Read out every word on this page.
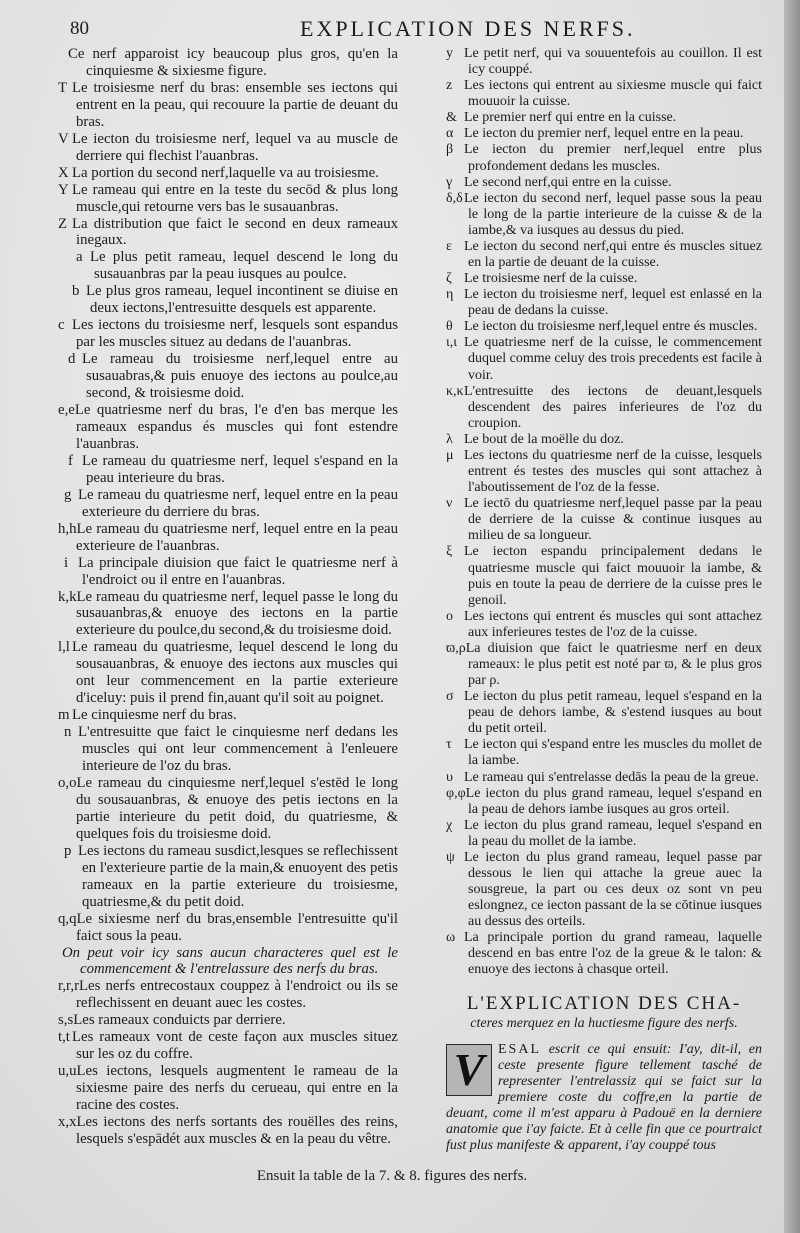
80	EXPLICATION DES NERFS.

Ce nerf apparoist icy beaucoup plus gros, qu'en la cinquiesme & sixiesme figure.

T Le troisiesme nerf du bras: ensemble ses iectons qui entrent en la peau, qui recouure la partie de deuant du bras.

V Le iecton du troisiesme nerf, lequel va au muscle de derriere qui flechist l'auanbras.

X La portion du second nerf,laquelle va au troisiesme.

Y Le rameau qui entre en la teste du secōd & plus long muscle,qui retourne vers bas le susauanbras.

Z La distribution que faict le second en deux rameaux inegaux.

a Le plus petit rameau, lequel descend le long du susauanbras par la peau iusques au poulce.

b Le plus gros rameau, lequel incontinent se diuise en deux iectons,l'entresuitte desquels est apparente.

c Les iectons du troisiesme nerf, lesquels sont espandus par les muscles situez au dedans de l'auanbras.

d Le rameau du troisiesme nerf,lequel entre au susauabras,& puis enuoye des iectons au poulce,au second, & troisiesme doid.

e,eLe quatriesme nerf du bras, l'e d'en bas merque les rameaux espandus és muscles qui font estendre l'auanbras.

f Le rameau du quatriesme nerf, lequel s'espand en la peau interieure du bras.

g Le rameau du quatriesme nerf, lequel entre en la peau exterieure du derriere du bras.

h,hLe rameau du quatriesme nerf, lequel entre en la peau exterieure de l'auanbras.

i La principale diuision que faict le quatriesme nerf à l'endroict ou il entre en l'auanbras.

k,kLe rameau du quatriesme nerf, lequel passe le long du susauanbras,& enuoye des iectons en la partie exterieure du poulce,du second,& du troisiesme doid.

l,l Le rameau du quatriesme, lequel descend le long du sousauanbras, & enuoye des iectons aux muscles qui ont leur commencement en la partie exterieure d'iceluy: puis il prend fin,auant qu'il soit au poignet.

m Le cinquiesme nerf du bras.

n L'entresuitte que faict le cinquiesme nerf dedans les muscles qui ont leur commencement à l'enleuere interieure de l'oz du bras.

o,oLe rameau du cinquiesme nerf,lequel s'estēd le long du sousauanbras, & enuoye des petis iectons en la partie interieure du petit doid, du quatriesme, & quelques fois du troisiesme doid.

p Les iectons du rameau susdict,lesques se reflechissent en l'exterieure partie de la main,& enuoyent des petis rameaux en la partie exterieure du troisiesme, quatriesme,& du petit doid.

q,qLe sixiesme nerf du bras,ensemble l'entresuitte qu'il faict sous la peau.

On peut voir icy sans aucun characteres quel est le commencement & l'entrelassure des nerfs du bras.

r,r,rLes nerfs entrecostaux couppez à l'endroict ou ils se reflechissent en deuant auec les costes.

s,sLes rameaux conduicts par derriere.

t,t Les rameaux vont de ceste façon aux muscles situez sur les oz du coffre.

u,uLes iectons, lesquels augmentent le rameau de la sixiesme paire des nerfs du cerueau, qui entre en la racine des costes.

x,xLes iectons des nerfs sortants des rouëlles des reins, lesquels s'espādét aux muscles & en la peau du vêtre.

y Le petit nerf, qui va souuentefois au couillon. Il est icy couppé.

z Les iectons qui entrent au sixiesme muscle qui faict mouuoir la cuisse.

& Le premier nerf qui entre en la cuisse.

α Le iecton du premier nerf, lequel entre en la peau.

β Le iecton du premier nerf,lequel entre plus profondement dedans les muscles.

γ Le second nerf,qui entre en la cuisse.

δ,δLe iecton du second nerf, lequel passe sous la peau le long de la partie interieure de la cuisse & de la iambe,& va iusques au dessus du pied.

ε Le iecton du second nerf,qui entre és muscles situez en la partie de deuant de la cuisse.

ζ Le troisiesme nerf de la cuisse.

η Le iecton du troisiesme nerf, lequel est enlassé en la peau de dedans la cuisse.

θ Le iecton du troisiesme nerf,lequel entre és muscles.

ι,ι Le quatriesme nerf de la cuisse, le commencement duquel comme celuy des trois precedents est facile à voir.

κ,κL'entresuitte des iectons de deuant,lesquels descendent des paires inferieures de l'oz du croupion.

λ Le bout de la moëlle du doz.

μ Les iectons du quatriesme nerf de la cuisse, lesquels entrent és testes des muscles qui sont attachez à l'aboutissement de l'oz de la fesse.

ν Le iectō du quatriesme nerf,lequel passe par la peau de derriere de la cuisse & continue iusques au milieu de sa longueur.

ξ Le iecton espandu principalement dedans le quatriesme muscle qui faict mouuoir la iambe, & puis en toute la peau de derriere de la cuisse pres le genoil.

ο Les iectons qui entrent és muscles qui sont attachez aux inferieures testes de l'oz de la cuisse.

ϖ,ρLa diuision que faict le quatriesme nerf en deux rameaux: le plus petit est noté par ϖ, & le plus gros par ρ.

σ Le iecton du plus petit rameau, lequel s'espand en la peau de dehors iambe, & s'estend iusques au bout du petit orteil.

τ Le iecton qui s'espand entre les muscles du mollet de la iambe.

υ Le rameau qui s'entrelasse dedās la peau de la greue.

φ,φLe iecton du plus grand rameau, lequel s'espand en la peau de dehors iambe iusques au gros orteil.

χ Le iecton du plus grand rameau, lequel s'espand en la peau du mollet de la iambe.

ψ Le iecton du plus grand rameau, lequel passe par dessous le lien qui attache la greue auec la sousgreue, la part ou ces deux oz sont vn peu eslongnez, ce iecton passant de la se cōtinue iusques au dessus des orteils.

ω La principale portion du grand rameau, laquelle descend en bas entre l'oz de la greue & le talon: & enuoye des iectons à chasque orteil.

L'EXPLICATION DES CHA-
cteres merquez en la huctiesme figure des nerfs.
V ESAL escrit ce qui ensuit: I'ay, dit-il, en ceste presente figure tellement tasché de representer l'entrelassiz qui se faict sur la premiere coste du coffre,en la partie de deuant, come il m'est apparu à Padouë en la derniere anatomie que i'ay faicte. Et à celle fin que ce pourtraict fust plus manifeste & apparent, i'ay couppé tous
Ensuit la table de la 7. & 8. figures des nerfs.
